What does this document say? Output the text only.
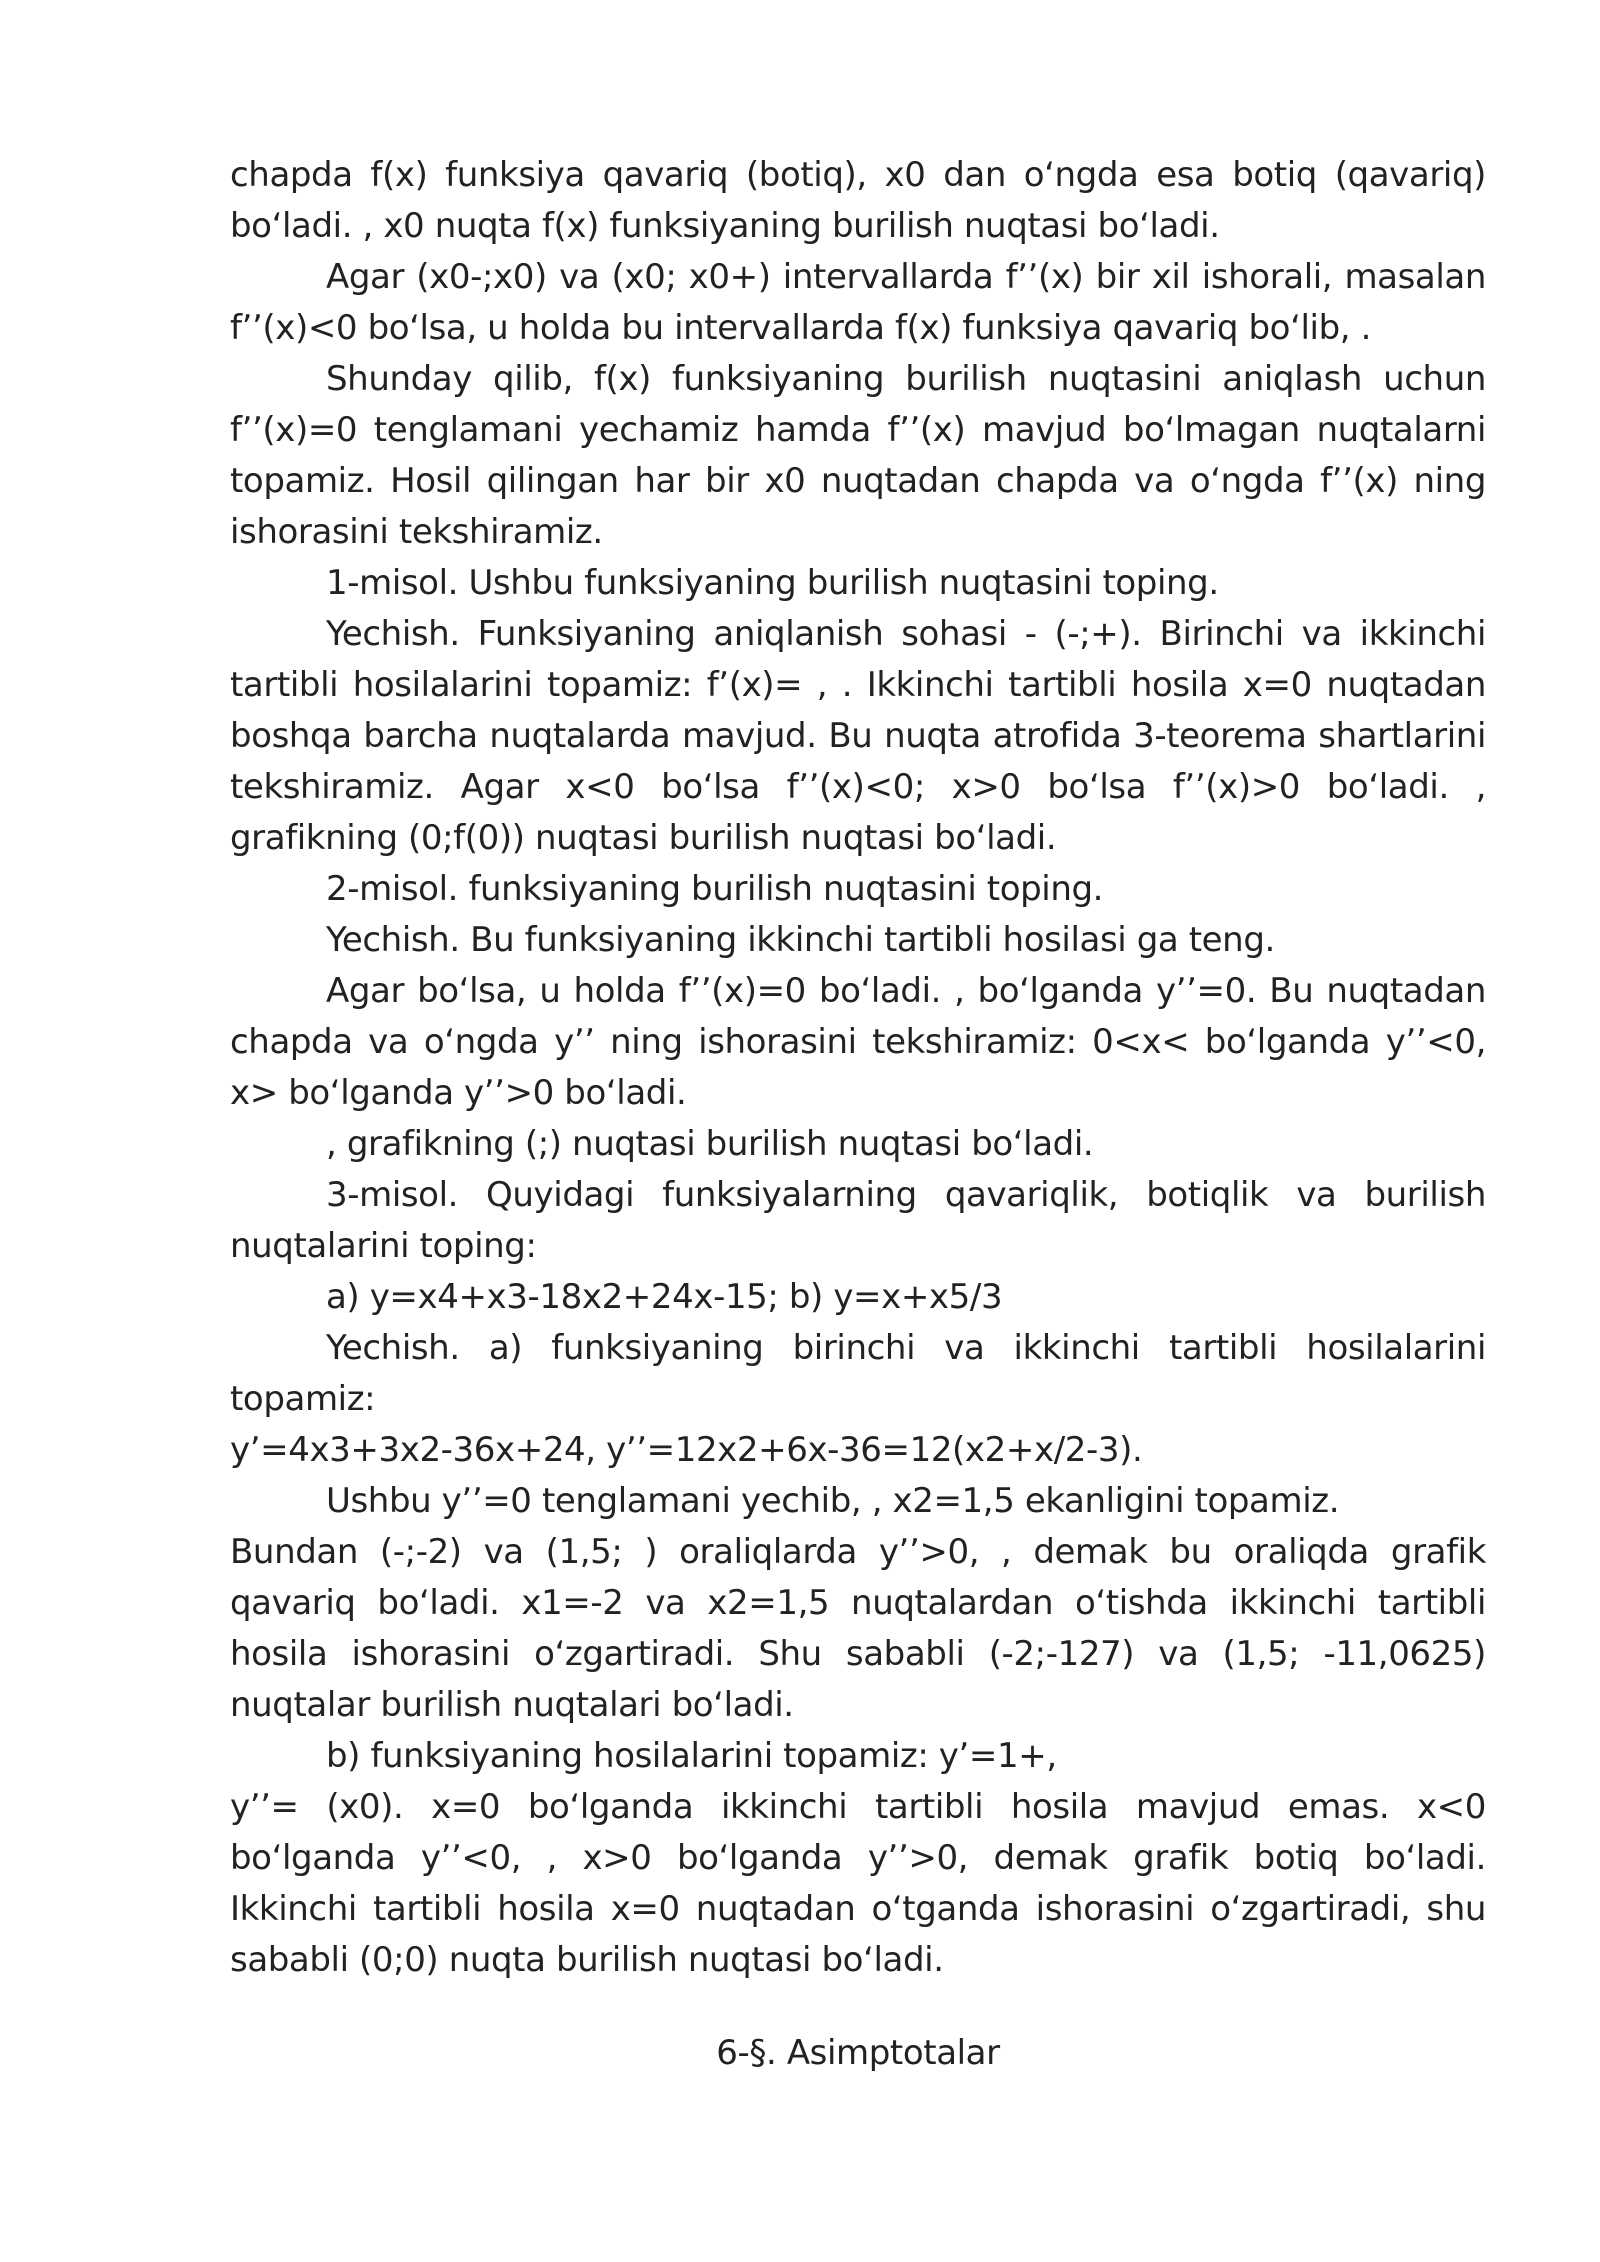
chapda f(x) funksiya qavariq (botiq), x0 dan o‘ngda esa botiq (qavariq) bo‘ladi. , x0 nuqta f(x) funksiyaning burilish nuqtasi bo‘ladi.

Agar (x0-;x0) va (x0; x0+) intervallarda f’’(x) bir xil ishorali, masalan f’’(x)<0 bo‘lsa, u holda bu intervallarda f(x) funksiya qavariq bo‘lib, .

Shunday qilib, f(x) funksiyaning burilish nuqtasini aniqlash uchun f’’(x)=0 tenglamani yechamiz hamda f’’(x) mavjud bo‘lmagan nuqtalarni topamiz. Hosil qilingan har bir x0 nuqtadan chapda va o‘ngda f’’(x) ning ishorasini tekshiramiz.

1-misol. Ushbu funksiyaning burilish nuqtasini toping.

Yechish. Funksiyaning aniqlanish sohasi - (-;+). Birinchi va ikkinchi tartibli hosilalarini topamiz: f’(x)= , . Ikkinchi tartibli hosila x=0 nuqtadan boshqa barcha nuqtalarda mavjud. Bu nuqta atrofida 3-teorema shartlarini tekshiramiz. Agar x<0 bo‘lsa f’’(x)<0; x>0 bo‘lsa f’’(x)>0 bo‘ladi. , grafikning (0;f(0)) nuqtasi burilish nuqtasi bo‘ladi.

2-misol. funksiyaning burilish nuqtasini toping.

Yechish. Bu funksiyaning ikkinchi tartibli hosilasi ga teng.

Agar bo‘lsa, u holda f’’(x)=0 bo‘ladi. , bo‘lganda y’’=0. Bu nuqtadan chapda va o‘ngda y’’ ning ishorasini tekshiramiz: 0<x< bo‘lganda y’’<0, x> bo‘lganda y’’>0 bo‘ladi.

, grafikning (;) nuqtasi burilish nuqtasi bo‘ladi.

3-misol. Quyidagi funksiyalarning qavariqlik, botiqlik va burilish nuqtalarini toping:

a) y=x4+x3-18x2+24x-15; b) y=x+x5/3

Yechish. a) funksiyaning birinchi va ikkinchi tartibli hosilalarini topamiz:

y’=4x3+3x2-36x+24, y’’=12x2+6x-36=12(x2+x/2-3).

Ushbu y’’=0 tenglamani yechib, , x2=1,5 ekanligini topamiz.

Bundan (-;-2) va (1,5; ) oraliqlarda y’’>0, , demak bu oraliqda grafik qavariq bo‘ladi. x1=-2 va x2=1,5 nuqtalardan o‘tishda ikkinchi tartibli hosila ishorasini o‘zgartiradi. Shu sababli (-2;-127) va (1,5; -11,0625) nuqtalar burilish nuqtalari bo‘ladi.

b) funksiyaning hosilalarini topamiz: y’=1+,

y’’= (x0). x=0 bo‘lganda ikkinchi tartibli hosila mavjud emas. x<0 bo‘lganda y’’<0, , x>0 bo‘lganda y’’>0, demak grafik botiq bo‘ladi. Ikkinchi tartibli hosila x=0 nuqtadan o‘tganda ishorasini o‘zgartiradi, shu sababli (0;0) nuqta burilish nuqtasi bo‘ladi.

6-§. Asimptotalar
